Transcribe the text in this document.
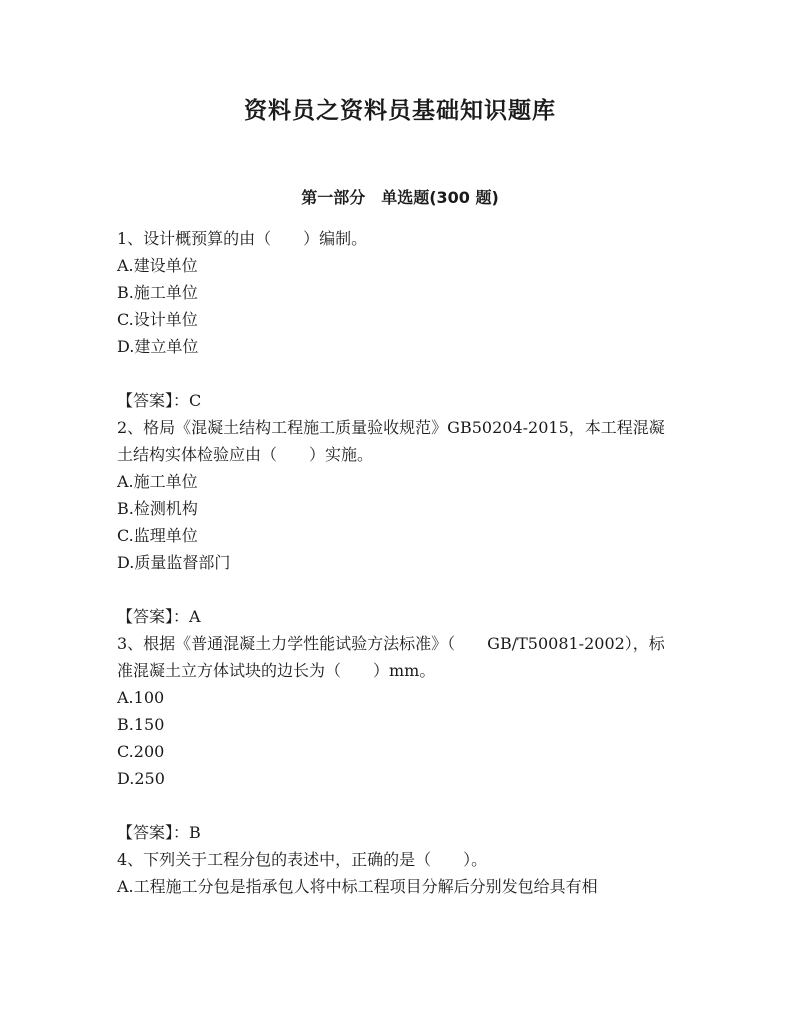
资料员之资料员基础知识题库
第一部分　单选题(300 题)

1、设计概预算的由（　　）编制。

A.建设单位

B.施工单位

C.设计单位

D.建立单位

【答案】：C

2、格局《混凝土结构工程施工质量验收规范》GB50204-2015，本工程混凝土结构实体检验应由（　　）实施。

A.施工单位

B.检测机构

C.监理单位

D.质量监督部门

【答案】：A

3、根据《普通混凝土力学性能试验方法标准》（　　GB/T50081-2002），标准混凝土立方体试块的边长为（　　）mm。

A.100

B.150

C.200

D.250

【答案】：B

4、下列关于工程分包的表述中，正确的是（　　）。

A.工程施工分包是指承包人将中标工程项目分解后分别发包给具有相
